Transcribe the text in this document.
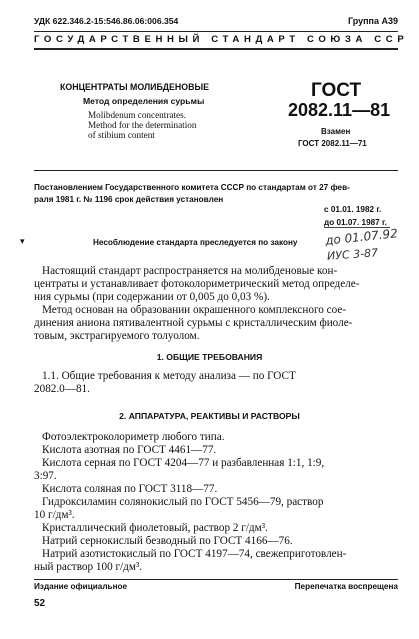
УДК 622.346.2-15:546.86.06:006.354	Группа А39
ГОСУДАРСТВЕННЫЙ СТАНДАРТ СОЮЗА ССР
КОНЦЕНТРАТЫ МОЛИБДЕНОВЫЕ
Метод определения сурьмы
Molibdenum concentrates.
Method for the determination
of stibium content
ГОСТ
2082.11—81
Взамен
ГОСТ 2082.11—71
Постановлением Государственного комитета СССР по стандартам от 27 фев-
раля 1981 г. № 1196 срок действия установлен
с 01.01. 1982 г.
до 01.07. 1987 г.
Несоблюдение стандарта преследуется по закону до 01.07.92
ИУС 3-87
▾

Настоящий стандарт распространяется на молибденовые кон-

центраты и устанавливает фотоколориметрический метод определе-

ния сурьмы (при содержании от 0,005 до 0,03 %).

Метод основан на образовании окрашенного комплексного сое-

динения аниона пятивалентной сурьмы с кристаллическим фиоле-

товым, экстрагируемого толуолом.

1. ОБЩИЕ ТРЕБОВАНИЯ

1.1. Общие требования к методу анализа — по ГОСТ

2082.0—81.

2. АППАРАТУРА, РЕАКТИВЫ И РАСТВОРЫ

Фотоэлектроколориметр любого типа.

Кислота азотная по ГОСТ 4461—77.

Кислота серная по ГОСТ 4204—77 и разбавленная 1:1, 1:9,

3:97.

Кислота соляная по ГОСТ 3118—77.

Гидроксиламин солянокислый по ГОСТ 5456—79, раствор

10 г/дм³.

Кристаллический фиолетовый, раствор 2 г/дм³.

Натрий сернокислый безводный по ГОСТ 4166—76.

Натрий азотистокислый по ГОСТ 4197—74, свежеприготовлен-

ный раствор 100 г/дм³.

Издание официальное	Перепечатка воспрещена
52
